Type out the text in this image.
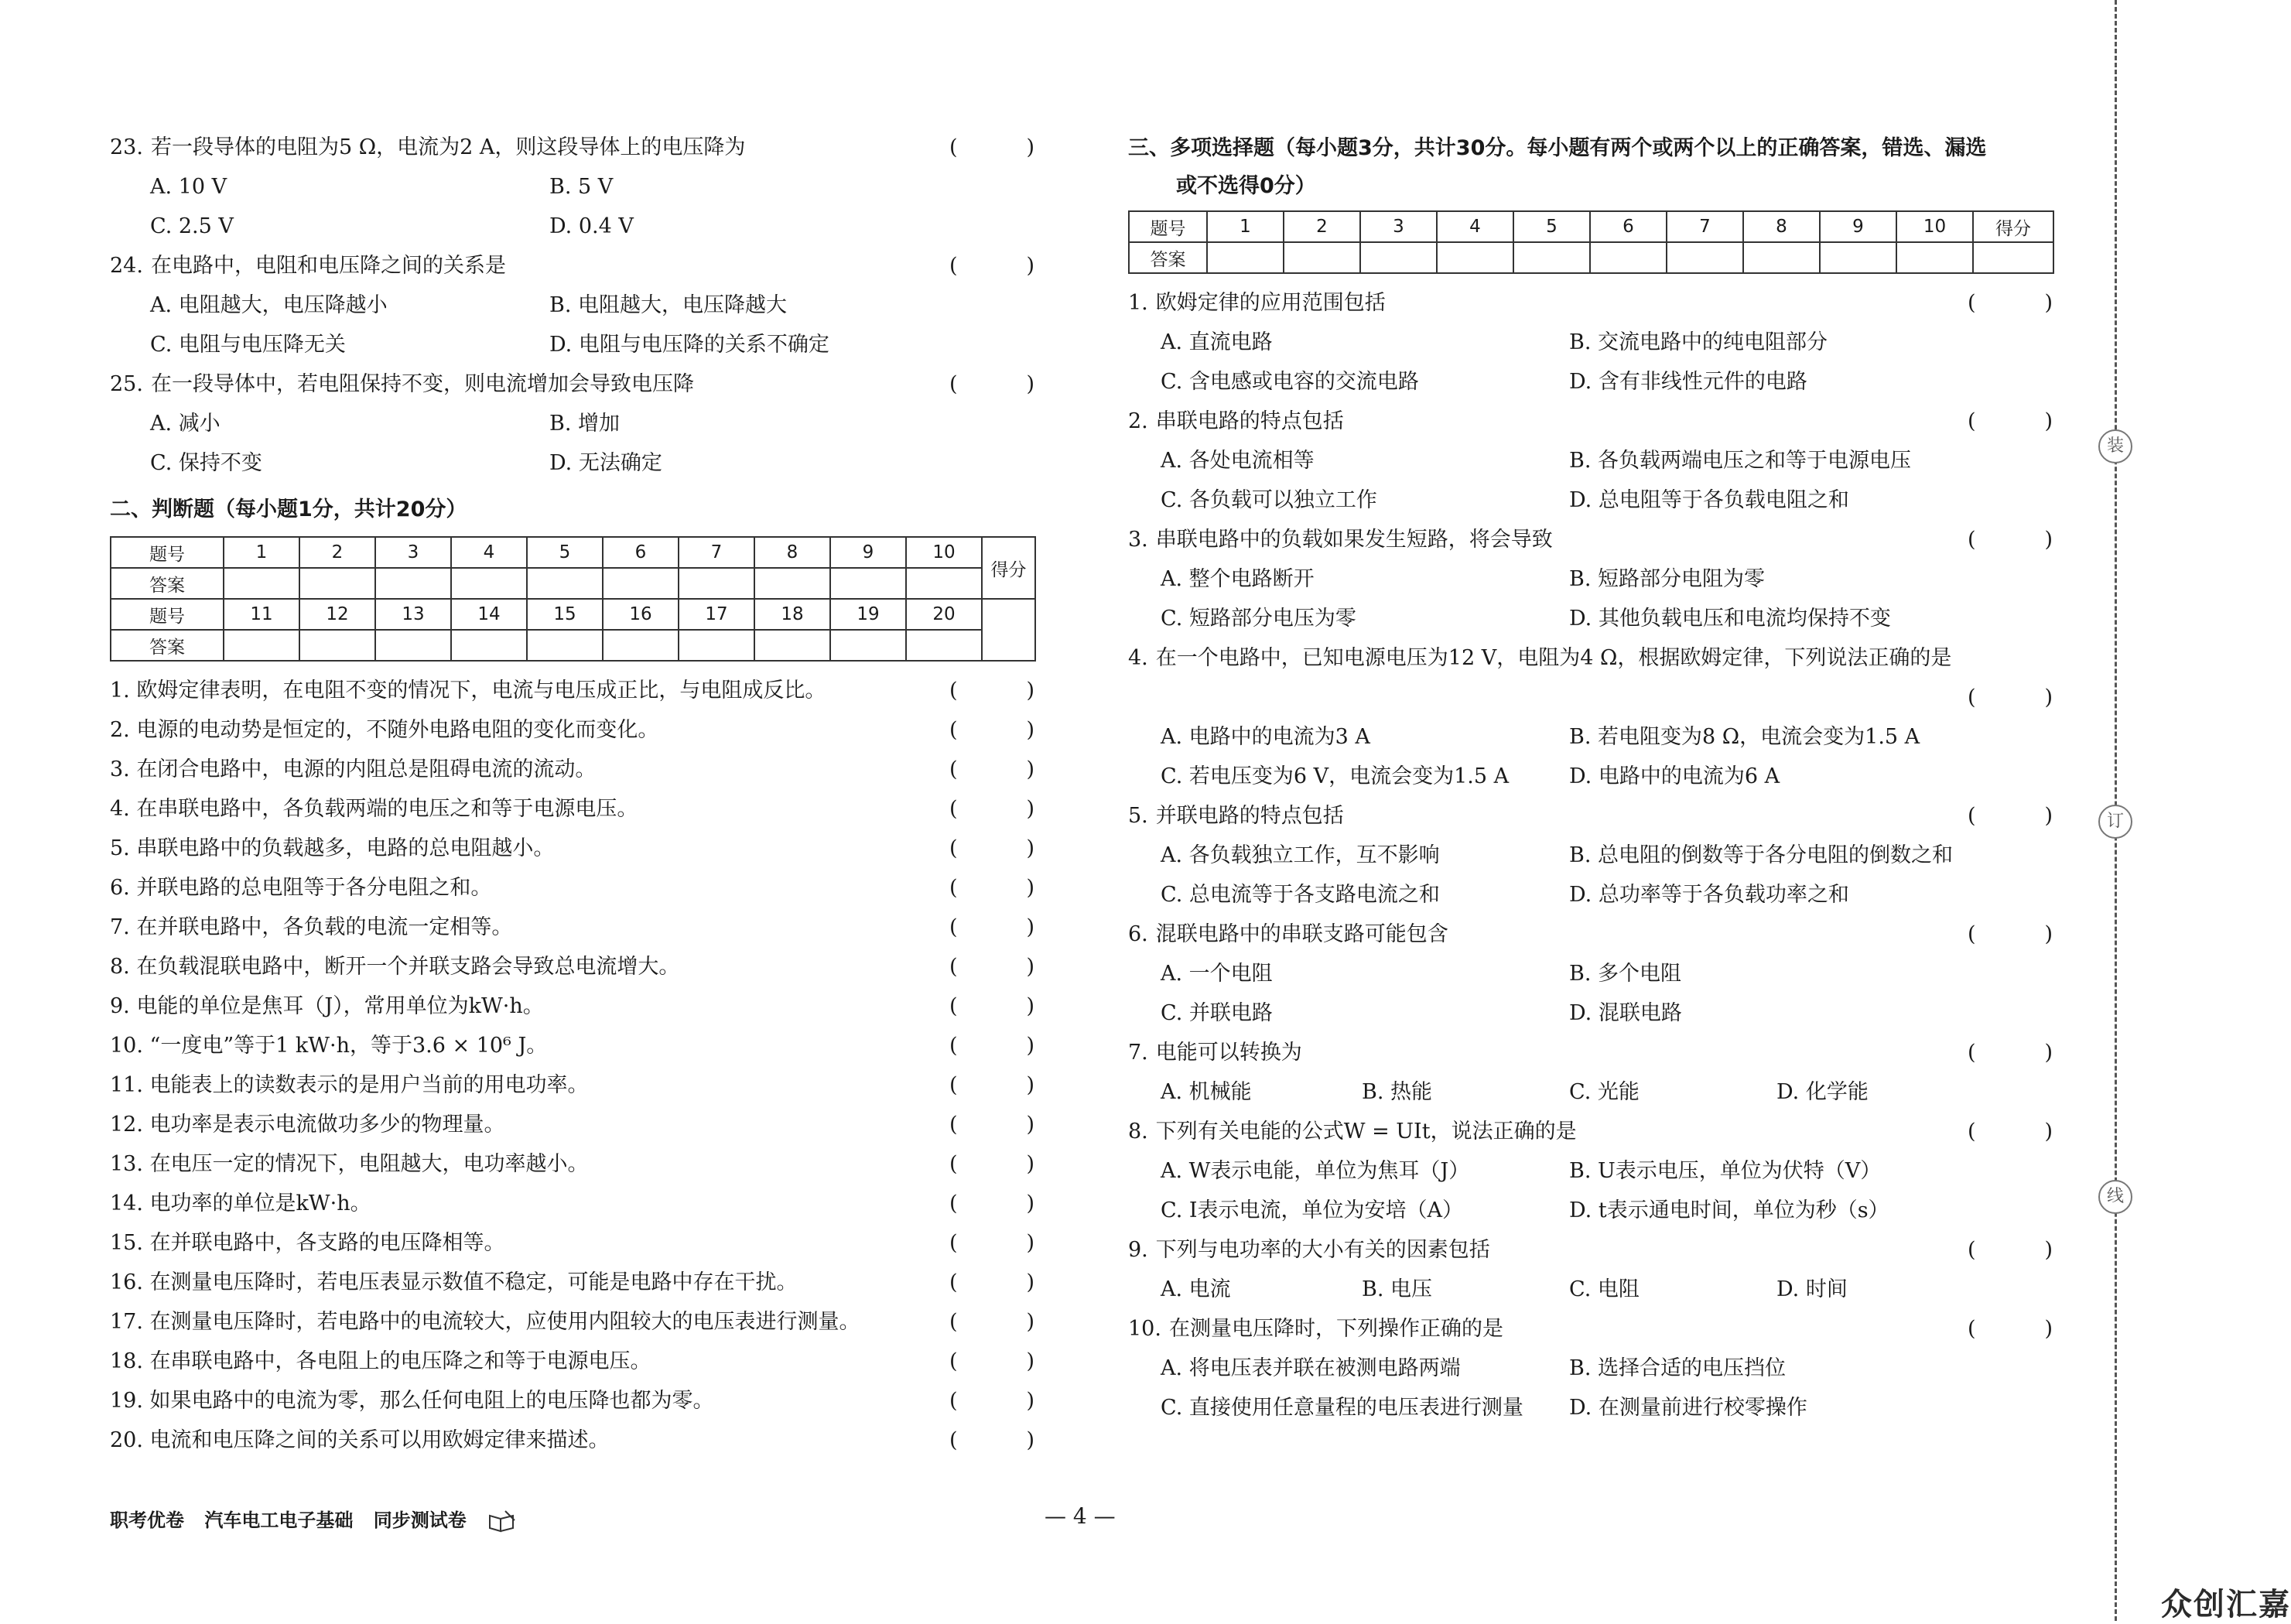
23. 若一段导体的电阻为5 Ω，电流为2 A，则这段导体上的电压降为	(	)
A. 10 V	B. 5 V
C. 2.5 V	D. 0.4 V
24. 在电路中，电阻和电压降之间的关系是	(	)
A. 电阻越大，电压降越小	B. 电阻越大，电压降越大
C. 电阻与电压降无关	D. 电阻与电压降的关系不确定
25. 在一段导体中，若电阻保持不变，则电流增加会导致电压降	(	)
A. 减小	B. 增加
C. 保持不变	D. 无法确定
二、判断题（每小题1分，共计20分）
题号	1	2	3	4	5	6	7	8	9	10	得分
答案											
题号	11	12	13	14	15	16	17	18	19	20	
答案											
1. 欧姆定律表明，在电阻不变的情况下，电流与电压成正比，与电阻成反比。	(	)
2. 电源的电动势是恒定的，不随外电路电阻的变化而变化。	(	)
3. 在闭合电路中，电源的内阻总是阻碍电流的流动。	(	)
4. 在串联电路中，各负载两端的电压之和等于电源电压。	(	)
5. 串联电路中的负载越多，电路的总电阻越小。	(	)
6. 并联电路的总电阻等于各分电阻之和。	(	)
7. 在并联电路中，各负载的电流一定相等。	(	)
8. 在负载混联电路中，断开一个并联支路会导致总电流增大。	(	)
9. 电能的单位是焦耳（J），常用单位为kW·h。	(	)
10. “一度电”等于1 kW·h，等于3.6 × 10⁶ J。	(	)
11. 电能表上的读数表示的是用户当前的用电功率。	(	)
12. 电功率是表示电流做功多少的物理量。	(	)
13. 在电压一定的情况下，电阻越大，电功率越小。	(	)
14. 电功率的单位是kW·h。	(	)
15. 在并联电路中，各支路的电压降相等。	(	)
16. 在测量电压降时，若电压表显示数值不稳定，可能是电路中存在干扰。	(	)
17. 在测量电压降时，若电路中的电流较大，应使用内阻较大的电压表进行测量。	(	)
18. 在串联电路中，各电阻上的电压降之和等于电源电压。	(	)
19. 如果电路中的电流为零，那么任何电阻上的电压降也都为零。	(	)
20. 电流和电压降之间的关系可以用欧姆定律来描述。	(	)
三、多项选择题（每小题3分，共计30分。每小题有两个或两个以上的正确答案，错选、漏选
或不选得0分）
题号	1	2	3	4	5	6	7	8	9	10	得分
答案											
1. 欧姆定律的应用范围包括	(	)
A. 直流电路	B. 交流电路中的纯电阻部分
C. 含电感或电容的交流电路	D. 含有非线性元件的电路
2. 串联电路的特点包括	(	)
A. 各处电流相等	B. 各负载两端电压之和等于电源电压
C. 各负载可以独立工作	D. 总电阻等于各负载电阻之和
3. 串联电路中的负载如果发生短路，将会导致	(	)
A. 整个电路断开	B. 短路部分电阻为零
C. 短路部分电压为零	D. 其他负载电压和电流均保持不变
4. 在一个电路中，已知电源电压为12 V，电阻为4 Ω，根据欧姆定律，下列说法正确的是
(	)
A. 电路中的电流为3 A	B. 若电阻变为8 Ω，电流会变为1.5 A
C. 若电压变为6 V，电流会变为1.5 A	D. 电路中的电流为6 A
5. 并联电路的特点包括	(	)
A. 各负载独立工作，互不影响	B. 总电阻的倒数等于各分电阻的倒数之和
C. 总电流等于各支路电流之和	D. 总功率等于各负载功率之和
6. 混联电路中的串联支路可能包含	(	)
A. 一个电阻	B. 多个电阻
C. 并联电路	D. 混联电路
7. 电能可以转换为	(	)
A. 机械能	B. 热能	C. 光能	D. 化学能
8. 下列有关电能的公式W = UIt，说法正确的是	(	)
A. W表示电能，单位为焦耳（J）	B. U表示电压，单位为伏特（V）
C. I表示电流，单位为安培（A）	D. t表示通电时间，单位为秒（s）
9. 下列与电功率的大小有关的因素包括	(	)
A. 电流	B. 电压	C. 电阻	D. 时间
10. 在测量电压降时，下列操作正确的是	(	)
A. 将电压表并联在被测电路两端	B. 选择合适的电压挡位
C. 直接使用任意量程的电压表进行测量 D. 在测量前进行校零操作
职考优卷 汽车电工电子基础 同步测试卷	— 4 —
装
订
线
众创汇嘉
